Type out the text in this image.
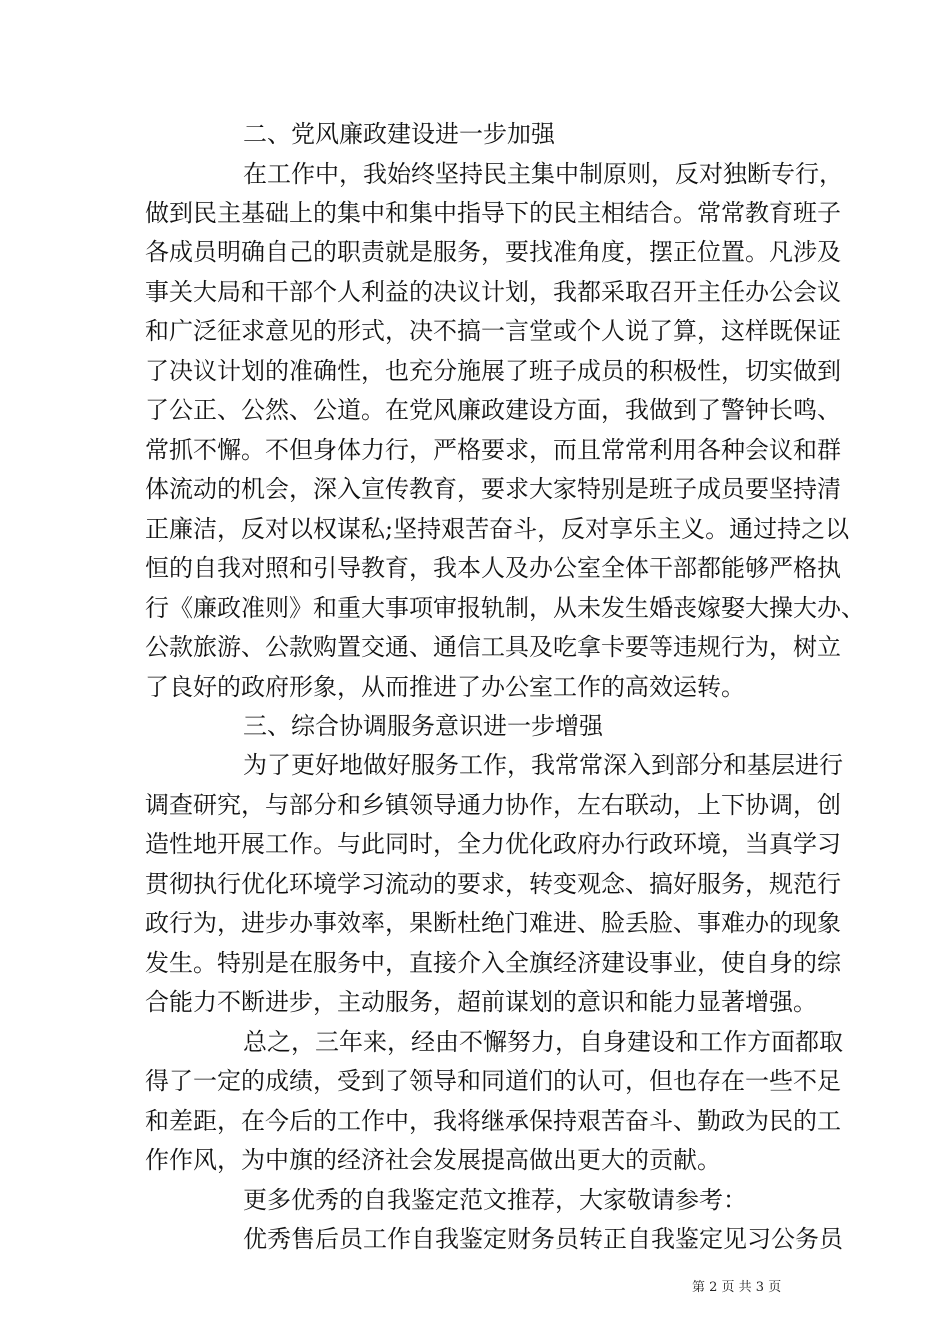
二、党风廉政建设进一步加强
在工作中，我始终坚持民主集中制原则，反对独断专行，
做到民主基础上的集中和集中指导下的民主相结合。常常教育班子
各成员明确自己的职责就是服务，要找准角度，摆正位置。凡涉及
事关大局和干部个人利益的决议计划，我都采取召开主任办公会议
和广泛征求意见的形式，决不搞一言堂或个人说了算，这样既保证
了决议计划的准确性，也充分施展了班子成员的积极性，切实做到
了公正、公然、公道。在党风廉政建设方面，我做到了警钟长鸣、
常抓不懈。不但身体力行，严格要求，而且常常利用各种会议和群
体流动的机会，深入宣传教育，要求大家特别是班子成员要坚持清
正廉洁，反对以权谋私;坚持艰苦奋斗，反对享乐主义。通过持之以
恒的自我对照和引导教育，我本人及办公室全体干部都能够严格执
行《廉政准则》和重大事项审报轨制，从未发生婚丧嫁娶大操大办、
公款旅游、公款购置交通、通信工具及吃拿卡要等违规行为，树立
了良好的政府形象，从而推进了办公室工作的高效运转。
三、综合协调服务意识进一步增强
为了更好地做好服务工作，我常常深入到部分和基层进行
调查研究，与部分和乡镇领导通力协作，左右联动，上下协调，创
造性地开展工作。与此同时，全力优化政府办行政环境，当真学习
贯彻执行优化环境学习流动的要求，转变观念、搞好服务，规范行
政行为，进步办事效率，果断杜绝门难进、脸丢脸、事难办的现象
发生。特别是在服务中，直接介入全旗经济建设事业，使自身的综
合能力不断进步，主动服务，超前谋划的意识和能力显著增强。
总之，三年来，经由不懈努力，自身建设和工作方面都取
得了一定的成绩，受到了领导和同道们的认可，但也存在一些不足
和差距，在今后的工作中，我将继承保持艰苦奋斗、勤政为民的工
作作风，为中旗的经济社会发展提高做出更大的贡献。
更多优秀的自我鉴定范文推荐，大家敬请参考：
优秀售后员工作自我鉴定财务员转正自我鉴定见习公务员
第 2 页 共 3 页
